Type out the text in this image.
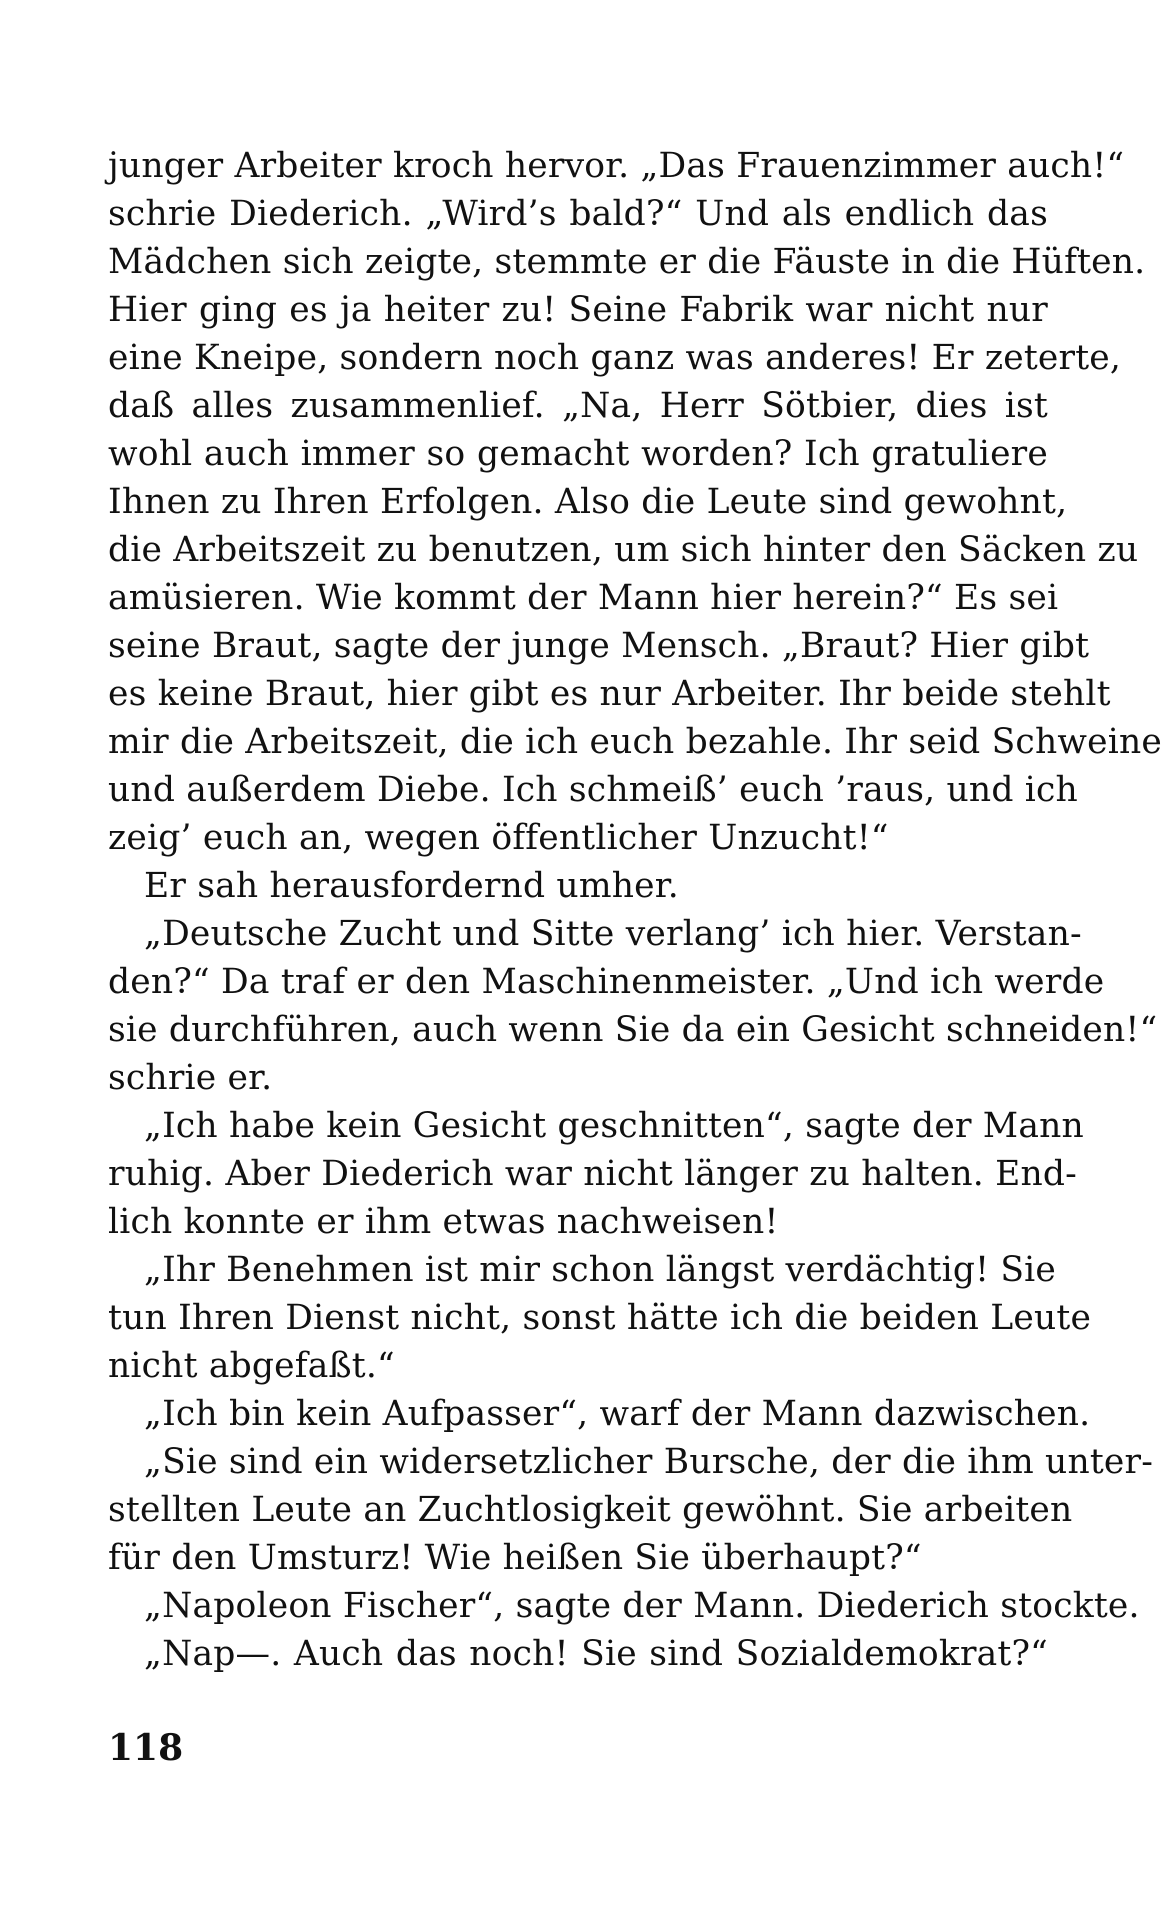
junger Arbeiter kroch hervor. „Das Frauenzimmer auch!“
schrie Diederich. „Wird’s bald?“ Und als endlich das
Mädchen sich zeigte, stemmte er die Fäuste in die Hüften.
Hier ging es ja heiter zu! Seine Fabrik war nicht nur
eine Kneipe, sondern noch ganz was anderes! Er zeterte,
daß alles zusammenlief. „Na, Herr Sötbier, dies ist
wohl auch immer so gemacht worden? Ich gratuliere
Ihnen zu Ihren Erfolgen. Also die Leute sind gewohnt,
die Arbeitszeit zu benutzen, um sich hinter den Säcken zu
amüsieren. Wie kommt der Mann hier herein?“ Es sei
seine Braut, sagte der junge Mensch. „Braut? Hier gibt
es keine Braut, hier gibt es nur Arbeiter. Ihr beide stehlt
mir die Arbeitszeit, die ich euch bezahle. Ihr seid Schweine
und außerdem Diebe. Ich schmeiß’ euch ’raus, und ich
zeig’ euch an, wegen öffentlicher Unzucht!“
Er sah herausfordernd umher.
„Deutsche Zucht und Sitte verlang’ ich hier. Verstan-
den?“ Da traf er den Maschinenmeister. „Und ich werde
sie durchführen, auch wenn Sie da ein Gesicht schneiden!“
schrie er.
„Ich habe kein Gesicht geschnitten“, sagte der Mann
ruhig. Aber Diederich war nicht länger zu halten. End-
lich konnte er ihm etwas nachweisen!
„Ihr Benehmen ist mir schon längst verdächtig! Sie
tun Ihren Dienst nicht, sonst hätte ich die beiden Leute
nicht abgefaßt.“
„Ich bin kein Aufpasser“, warf der Mann dazwischen.
„Sie sind ein widersetzlicher Bursche, der die ihm unter-
stellten Leute an Zuchtlosigkeit gewöhnt. Sie arbeiten
für den Umsturz! Wie heißen Sie überhaupt?“
„Napoleon Fischer“, sagte der Mann. Diederich stockte.
„Nap—. Auch das noch! Sie sind Sozialdemokrat?“
118
